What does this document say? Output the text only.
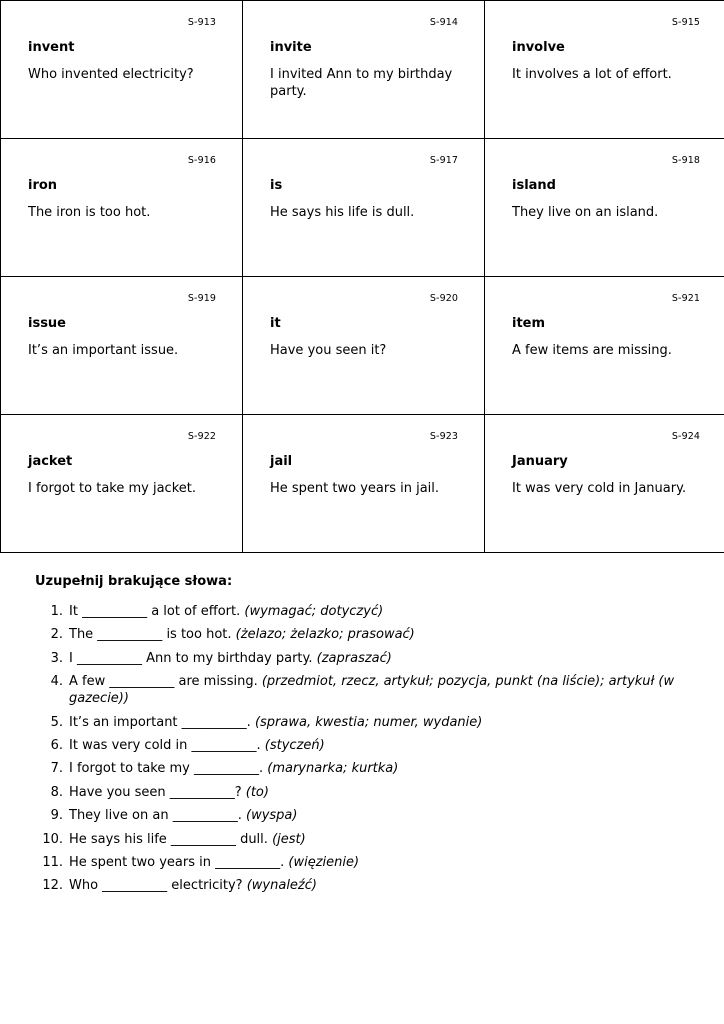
S-913
invent
Who invented electricity?	S-914
invite
I invited Ann to my birthday party.	S-915
involve
It involves a lot of effort.

S-916
iron
The iron is too hot.	S-917
is
He says his life is dull.	S-918
island
They live on an island.

S-919
issue
It’s an important issue.	S-920
it
Have you seen it?	S-921
item
A few items are missing.

S-922
jacket
I forgot to take my jacket.	S-923
jail
He spent two years in jail.	S-924
January
It was very cold in January.
Uzupełnij brakujące słowa:
1. It __________ a lot of effort. (wymagać; dotyczyć)
2. The __________ is too hot. (żelazo; żelazko; prasować)
3. I __________ Ann to my birthday party. (zapraszać)
4. A few __________ are missing. (przedmiot, rzecz, artykuł; pozycja, punkt (na liście); artykuł (w gazecie))
5. It’s an important __________. (sprawa, kwestia; numer, wydanie)
6. It was very cold in __________. (styczeń)
7. I forgot to take my __________. (marynarka; kurtka)
8. Have you seen __________? (to)
9. They live on an __________. (wyspa)
10. He says his life __________ dull. (jest)
11. He spent two years in __________. (więzienie)
12. Who __________ electricity? (wynaleźć)
